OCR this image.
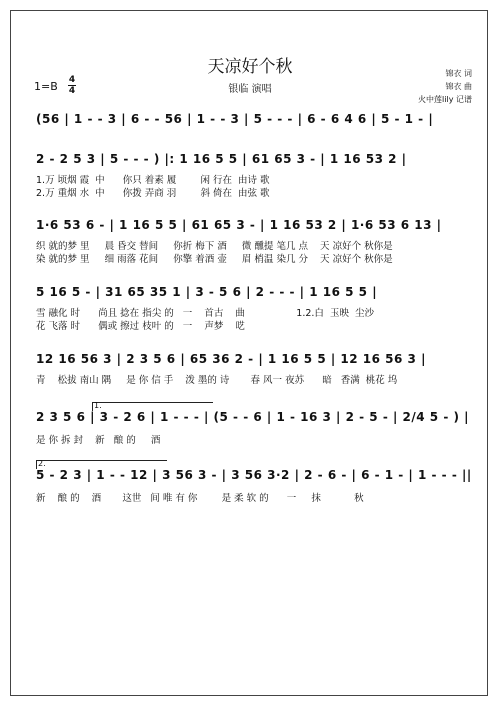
天凉好个秋
银临 演唱
锦衣 词
锦衣 曲
火中莲lily 记谱
1=B 4
4
(56 | 1 - - 3 | 6 - - 56 | 1 - - 3 | 5 - - - | 6 - 6 4 6 | 5 - 1 - |
2 - 2 5 3 | 5 - - - ) |: 1 16 5 5 | 61 65 3 - | 1 16 53 2 |
1.万 顷烟 霞  中      你只 着素 履        闲 行在  由诗 歌
2.万 重烟 水  中      你拨 弄商 羽        斜 倚在  由弦 歌
1·6 53 6 - | 1 16 5 5 | 61 65 3 - | 1 16 53 2 | 1·6 53 6 13 |
织 就的梦 里     晨 昏交 替间     你折 梅下 酒     微 醺提 笔几 点    天 凉好个 秋你是
染 就的梦 里     细 雨落 花间     你擎 着酒 壶     眉 梢温 染几 分    天 凉好个 秋你是
5 16 5 - | 31 65 35 1 | 3 - 5 6 | 2 - - - | 1 16 5 5 |
雪 融化 时      尚且 捻在 指尖 的   一    首古    曲                 1.2.白  玉映  尘沙
花 飞落 时      偶或 擦过 枝叶 的   一    声梦    呓
12 16 56 3 | 2 3 5 6 | 65 36 2 - | 1 16 5 5 | 12 16 56 3 |
青    松拔 南山 隅     是 你 信 手    泼 墨的 诗       春 风一 夜苏      暗   香满  桃花 坞
1.
2 3 5 6 | 3 - 2 6 | 1 - - - | (5 - - 6 | 1 - 16 3 | 2 - 5 - | 2/4 5 - ) |
是 你 拆 封    新   酿 的     酒
2.
5 - 2 3 | 1 - - 12 | 3 56 3 - | 3 56 3·2 | 2 - 6 - | 6 - 1 - | 1 - - - ||
新    酿 的    酒       这世   间 唯 有 你        是 柔 软 的      一     抹           秋
